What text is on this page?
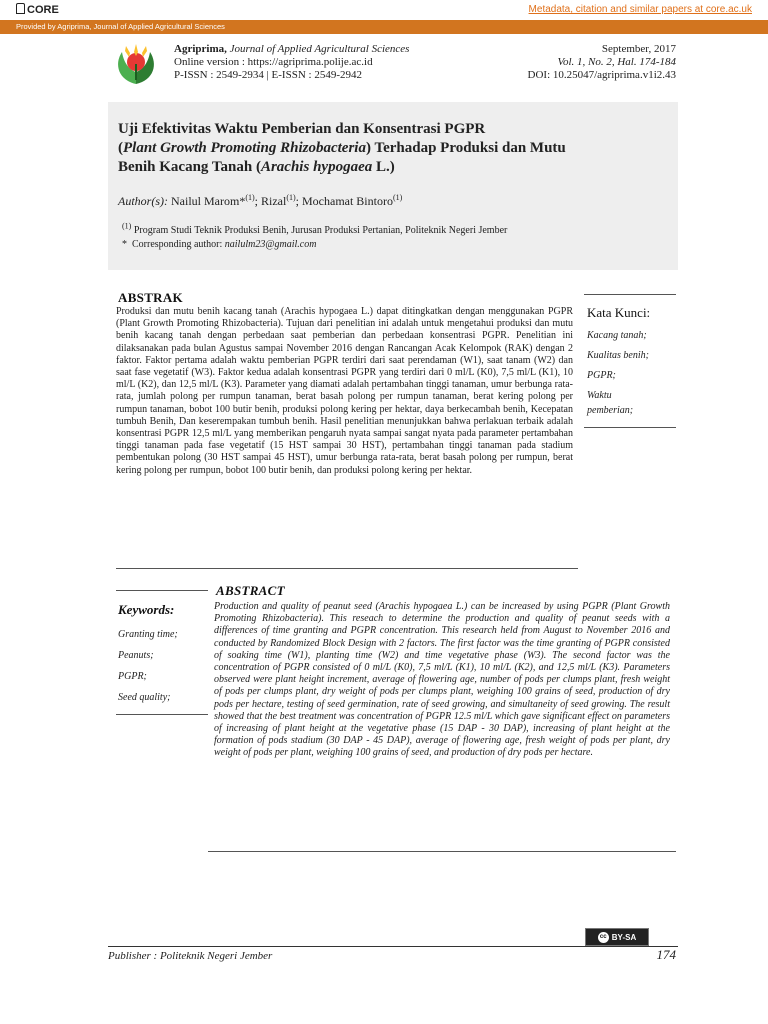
CORE	Metadata, citation and similar papers at core.ac.uk
Provided by Agriprima, Journal of Applied Agricultural Sciences
Agriprima, Journal of Applied Agricultural Sciences
Online version : https://agriprima.polije.ac.id
P-ISSN : 2549-2934 | E-ISSN : 2549-2942
September, 2017
Vol. 1, No. 2, Hal. 174-184
DOI: 10.25047/agriprima.v1i2.43
Uji Efektivitas Waktu Pemberian dan Konsentrasi PGPR
(Plant Growth Promoting Rhizobacteria) Terhadap Produksi dan Mutu
Benih Kacang Tanah (Arachis hypogaea L.)
Author(s): Nailul Marom*$^{(1)}$; Rizal$^{(1)}$; Mochamat Bintoro$^{(1)}$
$^{(1)}$ Program Studi Teknik Produksi Benih, Jurusan Produksi Pertanian, Politeknik Negeri Jember
* Corresponding author: nailulm23@gmail.com
ABSTRAK
Produksi dan mutu benih kacang tanah (Arachis hypogaea L.) dapat ditingkatkan dengan menggunakan PGPR (Plant Growth Promoting Rhizobacteria). Tujuan dari penelitian ini adalah untuk mengetahui produksi dan mutu benih kacang tanah dengan perbedaan saat pemberian dan perbedaan konsentrasi PGPR. Penelitian ini dilaksanakan pada bulan Agustus sampai November 2016 dengan Rancangan Acak Kelompok (RAK) dengan 2 faktor. Faktor pertama adalah waktu pemberian PGPR terdiri dari saat perendaman (W1), saat tanam (W2) dan saat fase vegetatif (W3). Faktor kedua adalah konsentrasi PGPR yang terdiri dari 0 ml/L (K0), 7,5 ml/L (K1), 10 ml/L (K2), dan 12,5 ml/L (K3). Parameter yang diamati adalah pertambahan tinggi tanaman, umur berbunga rata-rata, jumlah polong per rumpun tanaman, berat basah polong per rumpun tanaman, berat kering polong per rumpun tanaman, bobot 100 butir benih, produksi polong kering per hektar, daya berkecambah benih, Kecepatan tumbuh Benih, Dan keserempakan tumbuh benih. Hasil penelitian menunjukkan bahwa perlakuan terbaik adalah konsentrasi PGPR 12,5 ml/L yang memberikan pengaruh nyata sampai sangat nyata pada parameter pertambahan tinggi tanaman pada fase vegetatif (15 HST sampai 30 HST), pertambahan tinggi tanaman pada stadium pembentukan polong (30 HST sampai 45 HST), umur berbunga rata-rata, berat basah polong per rumpun, berat kering polong per rumpun, bobot 100 butir benih, dan produksi polong kering per hektar.
Kata Kunci:
Kacang tanah;
Kualitas benih;
PGPR;
Waktu
pemberian;
ABSTRACT
Production and quality of peanut seed (Arachis hypogaea L.) can be increased by using PGPR (Plant Growth Promoting Rhizobacteria). This reseach to determine the production and quality of peanut seeds with a differences of time granting and PGPR concentration. This research held from August to November 2016 and conducted by Randomized Block Design with 2 factors. The first factor was the time granting of PGPR consisted of soaking time (W1), planting time (W2) and time vegetative phase (W3). The second factor was the concentration of PGPR consisted of 0 ml/L (K0), 7,5 ml/L (K1), 10 ml/L (K2), and 12,5 ml/L (K3). Parameters observed were plant height increment, average of flowering age, number of pods per clumps plant, fresh weight of pods per clumps plant, dry weight of pods per clumps plant, weighing 100 grains of seed, production of dry pods per hectare, testing of seed germination, rate of seed growing, and simultaneity of seed growing. The result showed that the best treatment was concentration of PGPR 12.5 ml/L which gave significant effect on parameters of increasing of plant height at the vegetative phase (15 DAP - 30 DAP), increasing of plant height at the formation of pods stadium (30 DAP - 45 DAP), average of flowering age, fresh weight of pods per plant, dry weight of pods per plant, weighing 100 grains of seed, and production of dry pods per hectare.
Keywords:
Granting time;
Peanuts;
PGPR;
Seed quality;
cc BY-SA
Publisher : Politeknik Negeri Jember	174
